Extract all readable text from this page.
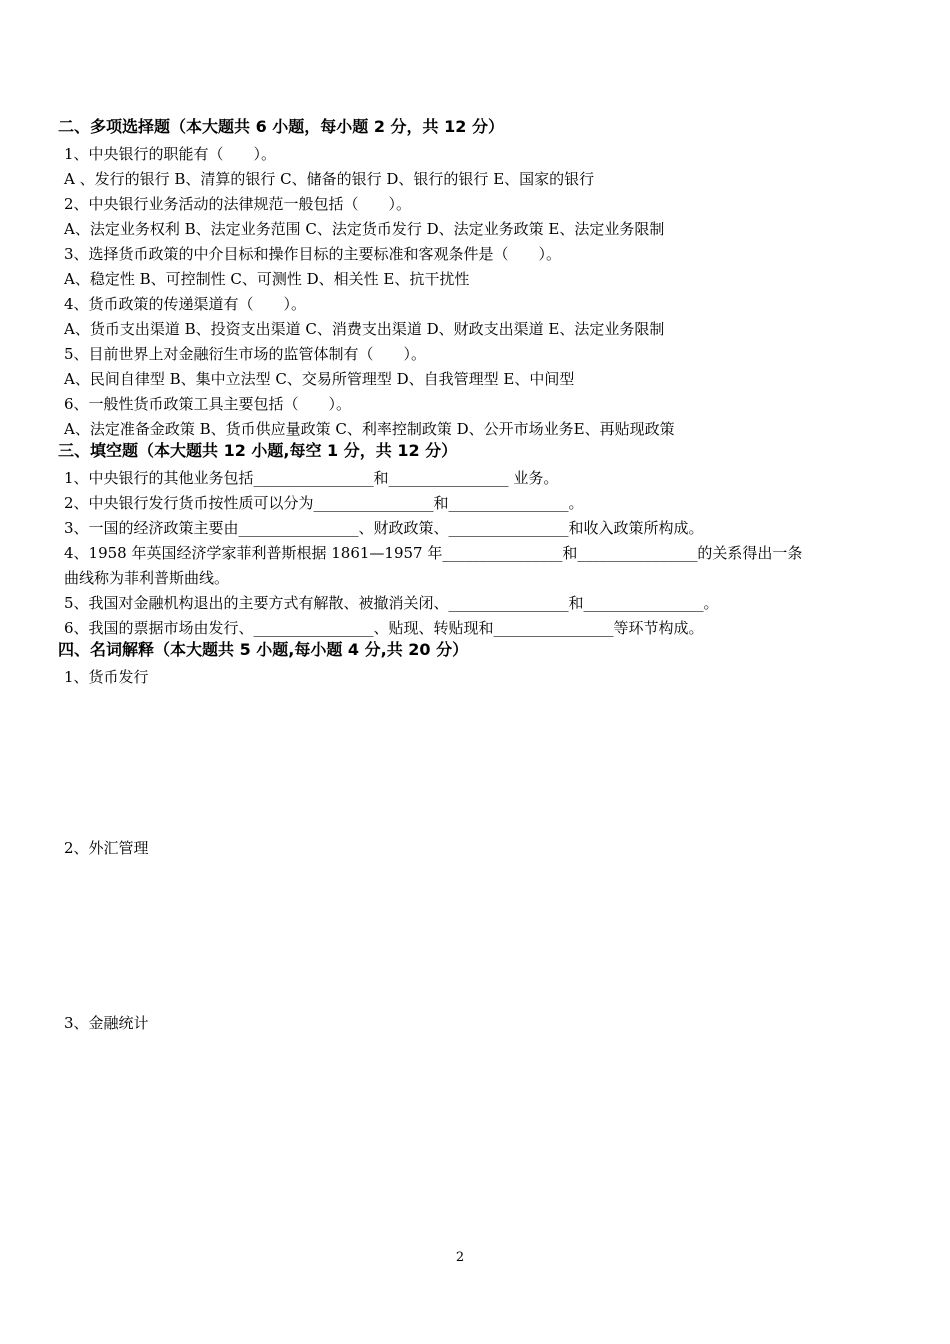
二、多项选择题（本大题共 6 小题，每小题 2 分，共 12 分）
1、中央银行的职能有（　　）。
A 、发行的银行 B、清算的银行 C、储备的银行 D、银行的银行 E、国家的银行
2、中央银行业务活动的法律规范一般包括（　　）。
A、法定业务权利 B、法定业务范围 C、法定货币发行 D、法定业务政策 E、法定业务限制
3、选择货币政策的中介目标和操作目标的主要标准和客观条件是（　　）。
A、稳定性 B、可控制性 C、可测性 D、相关性 E、抗干扰性
4、货币政策的传递渠道有（　　）。
A、货币支出渠道 B、投资支出渠道 C、消费支出渠道 D、财政支出渠道 E、法定业务限制
5、目前世界上对金融衍生市场的监管体制有（　　）。
A、民间自律型 B、集中立法型 C、交易所管理型 D、自我管理型 E、中间型
6、一般性货币政策工具主要包括（　　）。
A、法定准备金政策 B、货币供应量政策 C、利率控制政策 D、公开市场业务E、再贴现政策
三、填空题（本大题共 12 小题,每空 1 分，共 12 分）
1、中央银行的其他业务包括________________和________________ 业务。
2、中央银行发行货币按性质可以分为________________和________________。
3、一国的经济政策主要由________________、财政政策、________________和收入政策所构成。
4、1958 年英国经济学家菲利普斯根据 1861—1957 年________________和________________的关系得出一条
曲线称为菲利普斯曲线。
5、我国对金融机构退出的主要方式有解散、被撤消关闭、________________和________________。
6、我国的票据市场由发行、________________、贴现、转贴现和________________等环节构成。
四、名词解释（本大题共 5 小题,每小题 4 分,共 20 分）
1、货币发行
2、外汇管理
3、金融统计
2
